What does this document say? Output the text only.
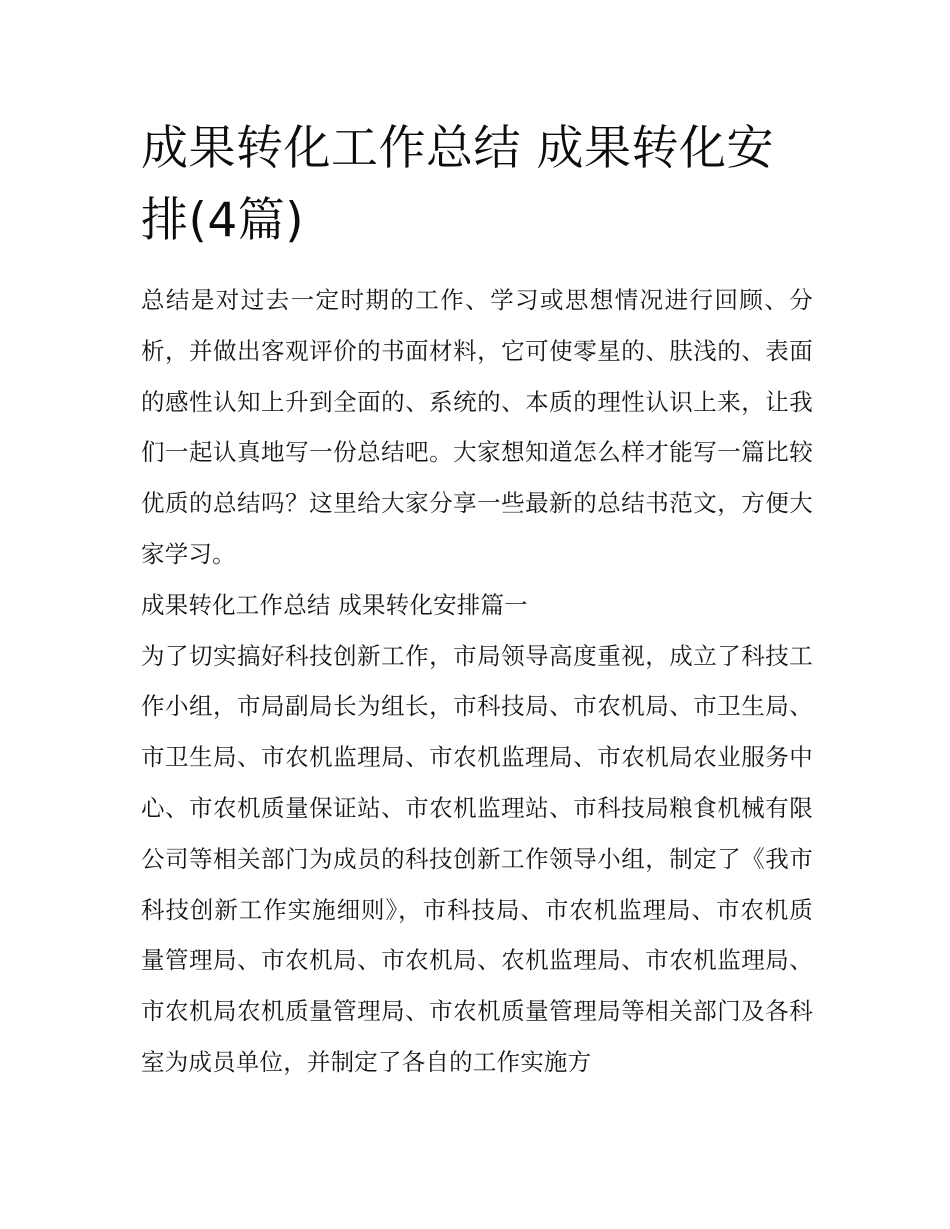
成果转化工作总结 成果转化安排(4篇)

总结是对过去一定时期的工作、学习或思想情况进行回顾、分析，并做出客观评价的书面材料，它可使零星的、肤浅的、表面的感性认知上升到全面的、系统的、本质的理性认识上来，让我们一起认真地写一份总结吧。大家想知道怎么样才能写一篇比较优质的总结吗？这里给大家分享一些最新的总结书范文，方便大家学习。

成果转化工作总结 成果转化安排篇一

为了切实搞好科技创新工作，市局领导高度重视，成立了科技工作小组，市局副局长为组长，市科技局、市农机局、市卫生局、市卫生局、市农机监理局、市农机监理局、市农机局农业服务中心、市农机质量保证站、市农机监理站、市科技局粮食机械有限公司等相关部门为成员的科技创新工作领导小组，制定了《我市科技创新工作实施细则》，市科技局、市农机监理局、市农机质量管理局、市农机局、市农机局、农机监理局、市农机监理局、市农机局农机质量管理局、市农机质量管理局等相关部门及各科室为成员单位，并制定了各自的工作实施方
